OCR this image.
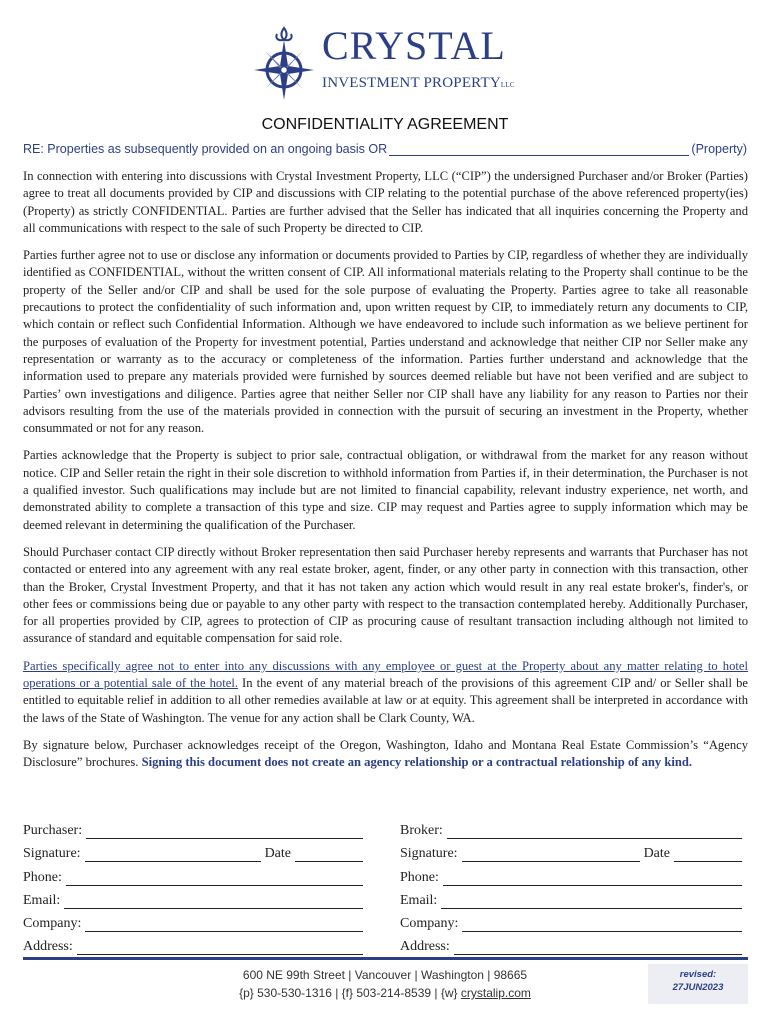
CRYSTAL
INVESTMENT PROPERTYLLC
CONFIDENTIALITY AGREEMENT
RE: Properties as subsequently provided on an ongoing basis OR	(Property)

In connection with entering into discussions with Crystal Investment Property, LLC (“CIP”) the undersigned Purchaser and/or Broker (Parties) agree to treat all documents provided by CIP and discussions with CIP relating to the potential purchase of the above referenced property(ies) (Property) as strictly CONFIDENTIAL. Parties are further advised that the Seller has indicated that all inquiries concerning the Property and all communications with respect to the sale of such Property be directed to CIP.

Parties further agree not to use or disclose any information or documents provided to Parties by CIP, regardless of whether they are individually identified as CONFIDENTIAL, without the written consent of CIP. All informational materials relating to the Property shall continue to be the property of the Seller and/or CIP and shall be used for the sole purpose of evaluating the Property. Parties agree to take all reasonable precautions to protect the confidentiality of such information and, upon written request by CIP, to immediately return any documents to CIP, which contain or reflect such Confidential Information. Although we have endeavored to include such information as we believe pertinent for the purposes of evaluation of the Property for investment potential, Parties understand and acknowledge that neither CIP nor Seller make any representation or warranty as to the accuracy or completeness of the information. Parties further understand and acknowledge that the information used to prepare any materials provided were furnished by sources deemed reliable but have not been verified and are subject to Parties’ own investigations and diligence. Parties agree that neither Seller nor CIP shall have any liability for any reason to Parties nor their advisors resulting from the use of the materials provided in connection with the pursuit of securing an investment in the Property, whether consummated or not for any reason.

Parties acknowledge that the Property is subject to prior sale, contractual obligation, or withdrawal from the market for any reason without notice. CIP and Seller retain the right in their sole discretion to withhold information from Parties if, in their determination, the Purchaser is not a qualified investor. Such qualifications may include but are not limited to financial capability, relevant industry experience, net worth, and demonstrated ability to complete a transaction of this type and size. CIP may request and Parties agree to supply information which may be deemed relevant in determining the qualification of the Purchaser.

Should Purchaser contact CIP directly without Broker representation then said Purchaser hereby represents and warrants that Purchaser has not contacted or entered into any agreement with any real estate broker, agent, finder, or any other party in connection with this transaction, other than the Broker, Crystal Investment Property, and that it has not taken any action which would result in any real estate broker's, finder's, or other fees or commissions being due or payable to any other party with respect to the transaction contemplated hereby. Additionally Purchaser, for all properties provided by CIP, agrees to protection of CIP as procuring cause of resultant transaction including although not limited to assurance of standard and equitable compensation for said role.

Parties specifically agree not to enter into any discussions with any employee or guest at the Property about any matter relating to hotel operations or a potential sale of the hotel. In the event of any material breach of the provisions of this agreement CIP and/ or Seller shall be entitled to equitable relief in addition to all other remedies available at law or at equity. This agreement shall be interpreted in accordance with the laws of the State of Washington. The venue for any action shall be Clark County, WA.

By signature below, Purchaser acknowledges receipt of the Oregon, Washington, Idaho and Montana Real Estate Commission’s “Agency Disclosure” brochures. Signing this document does not create an agency relationship or a contractual relationship of any kind.

Purchaser:
Signature:	Date
Phone:
Email:
Company:
Address:
Broker:
Signature:	Date
Phone:
Email:
Company:
Address:
600 NE 99th Street | Vancouver | Washington | 98665
{p} 530-530-1316 | {f} 503-214-8539 | {w} crystalip.com
revised:
27JUN2023
